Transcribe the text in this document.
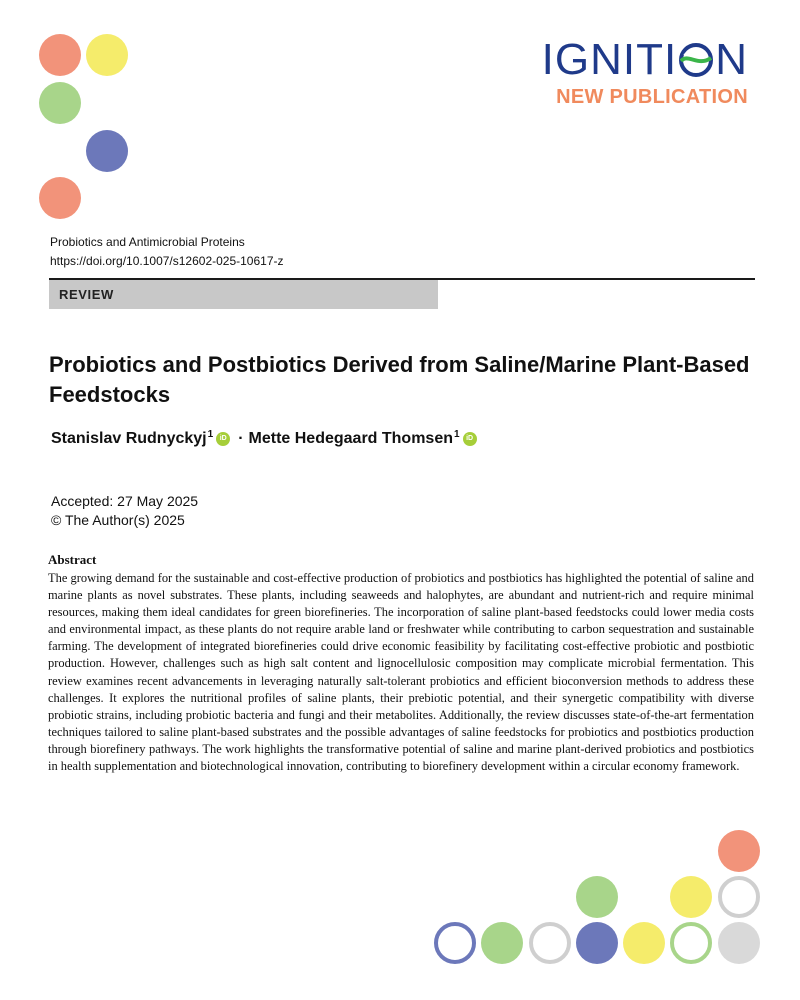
IGNITI N
NEW PUBLICATION
Probiotics and Antimicrobial Proteins
https://doi.org/10.1007/s12602-025-10617-z
REVIEW
Probiotics and Postbiotics Derived from Saline/Marine Plant-Based Feedstocks
Stanislav Rudnyckyj$^1$ iD · Mette Hedegaard Thomsen$^1$ iD
Accepted: 27 May 2025
© The Author(s) 2025
Abstract

The growing demand for the sustainable and cost-effective production of probiotics and postbiotics has highlighted the potential of saline and marine plants as novel substrates. These plants, including seaweeds and halophytes, are abundant and nutrient-rich and require minimal resources, making them ideal candidates for green biorefineries. The incorporation of saline plant-based feedstocks could lower media costs and environmental impact, as these plants do not require arable land or freshwater while contributing to carbon sequestration and sustainable farming. The development of integrated biorefineries could drive economic feasibility by facilitating cost-effective probiotic and postbiotic production. However, challenges such as high salt content and lignocellulosic composition may complicate microbial fermentation. This review examines recent advancements in leveraging naturally salt-tolerant probiotics and efficient bioconversion methods to address these challenges. It explores the nutritional profiles of saline plants, their prebiotic potential, and their synergetic compatibility with diverse probiotic strains, including probiotic bacteria and fungi and their metabolites. Additionally, the review discusses state-of-the-art fermentation techniques tailored to saline plant-based substrates and the possible advantages of saline feedstocks for probiotics and postbiotics production through biorefinery pathways. The work highlights the transformative potential of saline and marine plant-derived probiotics and postbiotics in health supplementation and biotechnological innovation, contributing to biorefinery development within a circular economy framework.
